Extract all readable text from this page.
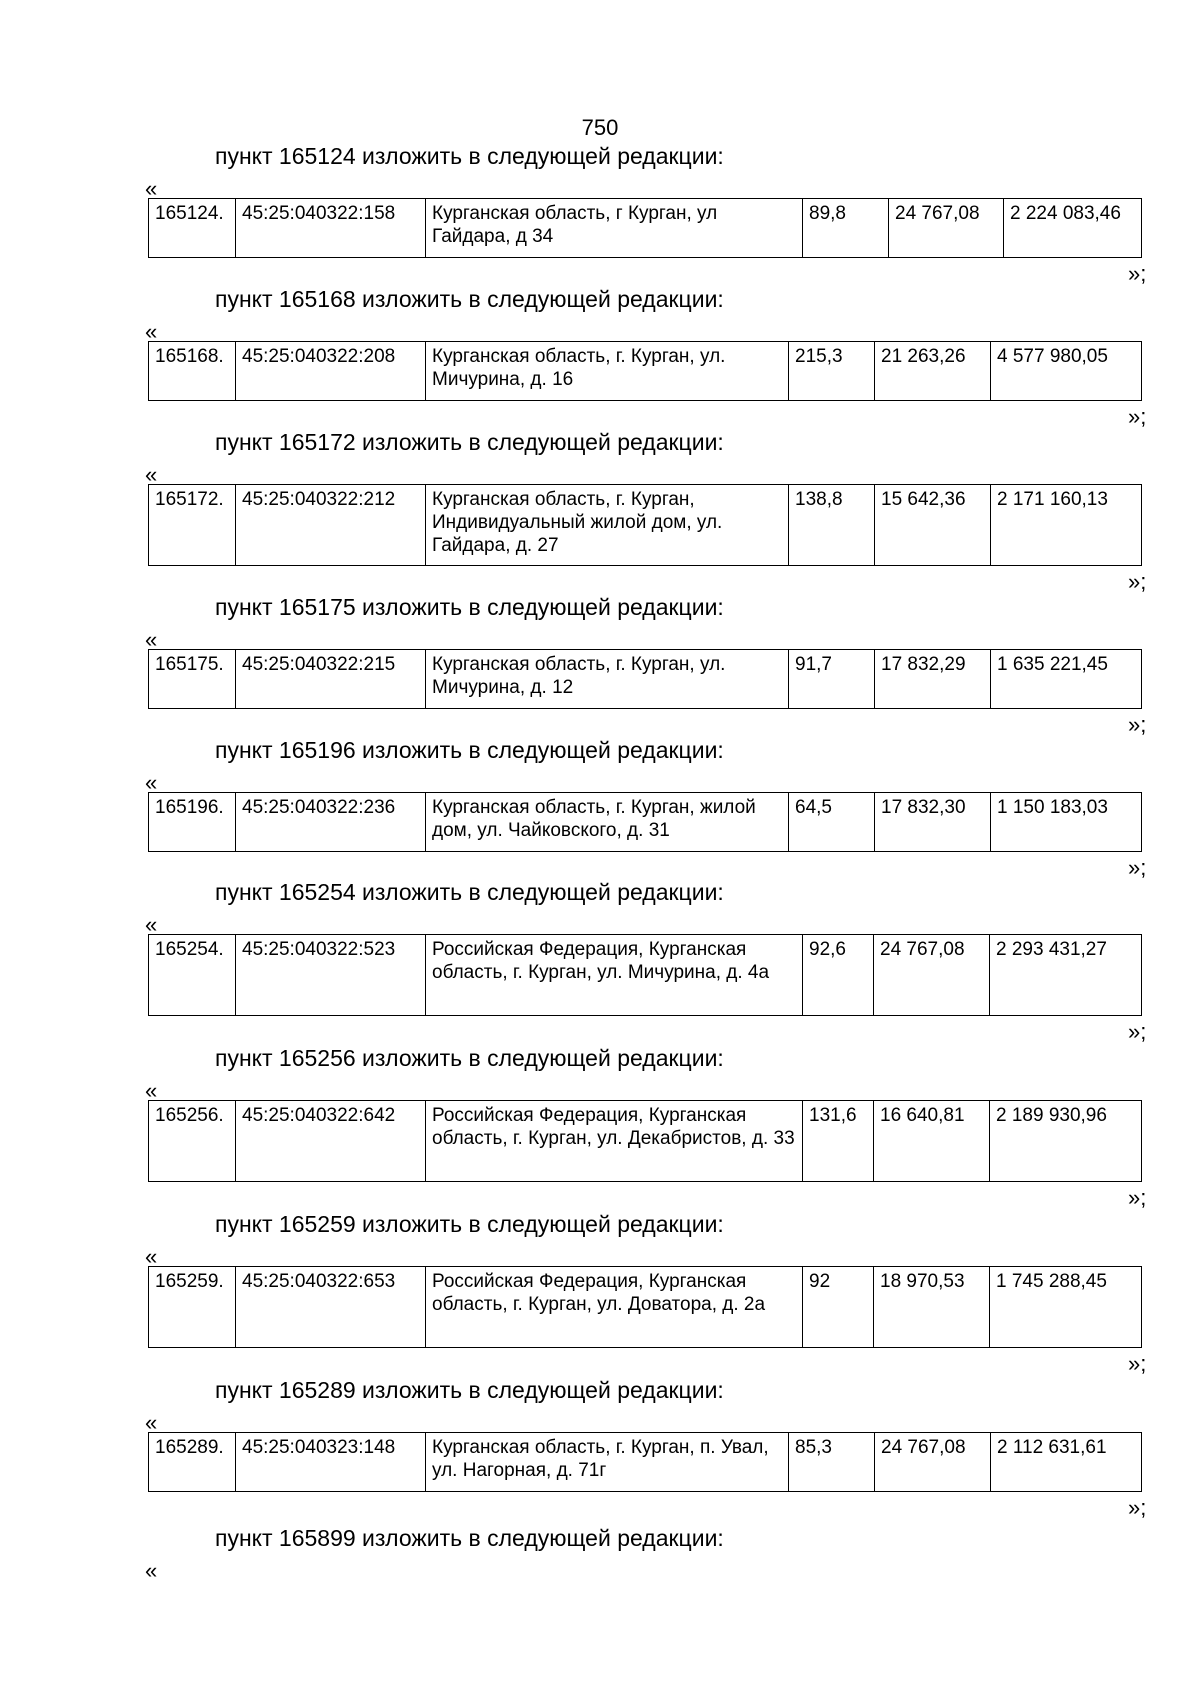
750
пункт 165124 изложить в следующей редакции:
«
165124.	45:25:040322:158	Курганская область, г Курган, ул Гайдара, д 34	89,8	24 767,08	2 224 083,46
»;
пункт 165168 изложить в следующей редакции:
«
165168.	45:25:040322:208	Курганская область, г. Курган, ул. Мичурина, д. 16	215,3	21 263,26	4 577 980,05
»;
пункт 165172 изложить в следующей редакции:
«
165172.	45:25:040322:212	Курганская область, г. Курган, Индивидуальный жилой дом, ул. Гайдара, д. 27	138,8	15 642,36	2 171 160,13
»;
пункт 165175 изложить в следующей редакции:
«
165175.	45:25:040322:215	Курганская область, г. Курган, ул. Мичурина, д. 12	91,7	17 832,29	1 635 221,45
»;
пункт 165196 изложить в следующей редакции:
«
165196.	45:25:040322:236	Курганская область, г. Курган, жилой дом, ул. Чайковского, д. 31	64,5	17 832,30	1 150 183,03
»;
пункт 165254 изложить в следующей редакции:
«
165254.	45:25:040322:523	Российская Федерация, Курганская область, г. Курган, ул. Мичурина, д. 4а	92,6	24 767,08	2 293 431,27
»;
пункт 165256 изложить в следующей редакции:
«
165256.	45:25:040322:642	Российская Федерация, Курганская область, г. Курган, ул. Декабристов, д. 33	131,6	16 640,81	2 189 930,96
»;
пункт 165259 изложить в следующей редакции:
«
165259.	45:25:040322:653	Российская Федерация, Курганская область, г. Курган, ул. Доватора, д. 2а	92	18 970,53	1 745 288,45
»;
пункт 165289 изложить в следующей редакции:
«
165289.	45:25:040323:148	Курганская область, г. Курган, п. Увал, ул. Нагорная, д. 71г	85,3	24 767,08	2 112 631,61
»;
пункт 165899 изложить в следующей редакции:
«
